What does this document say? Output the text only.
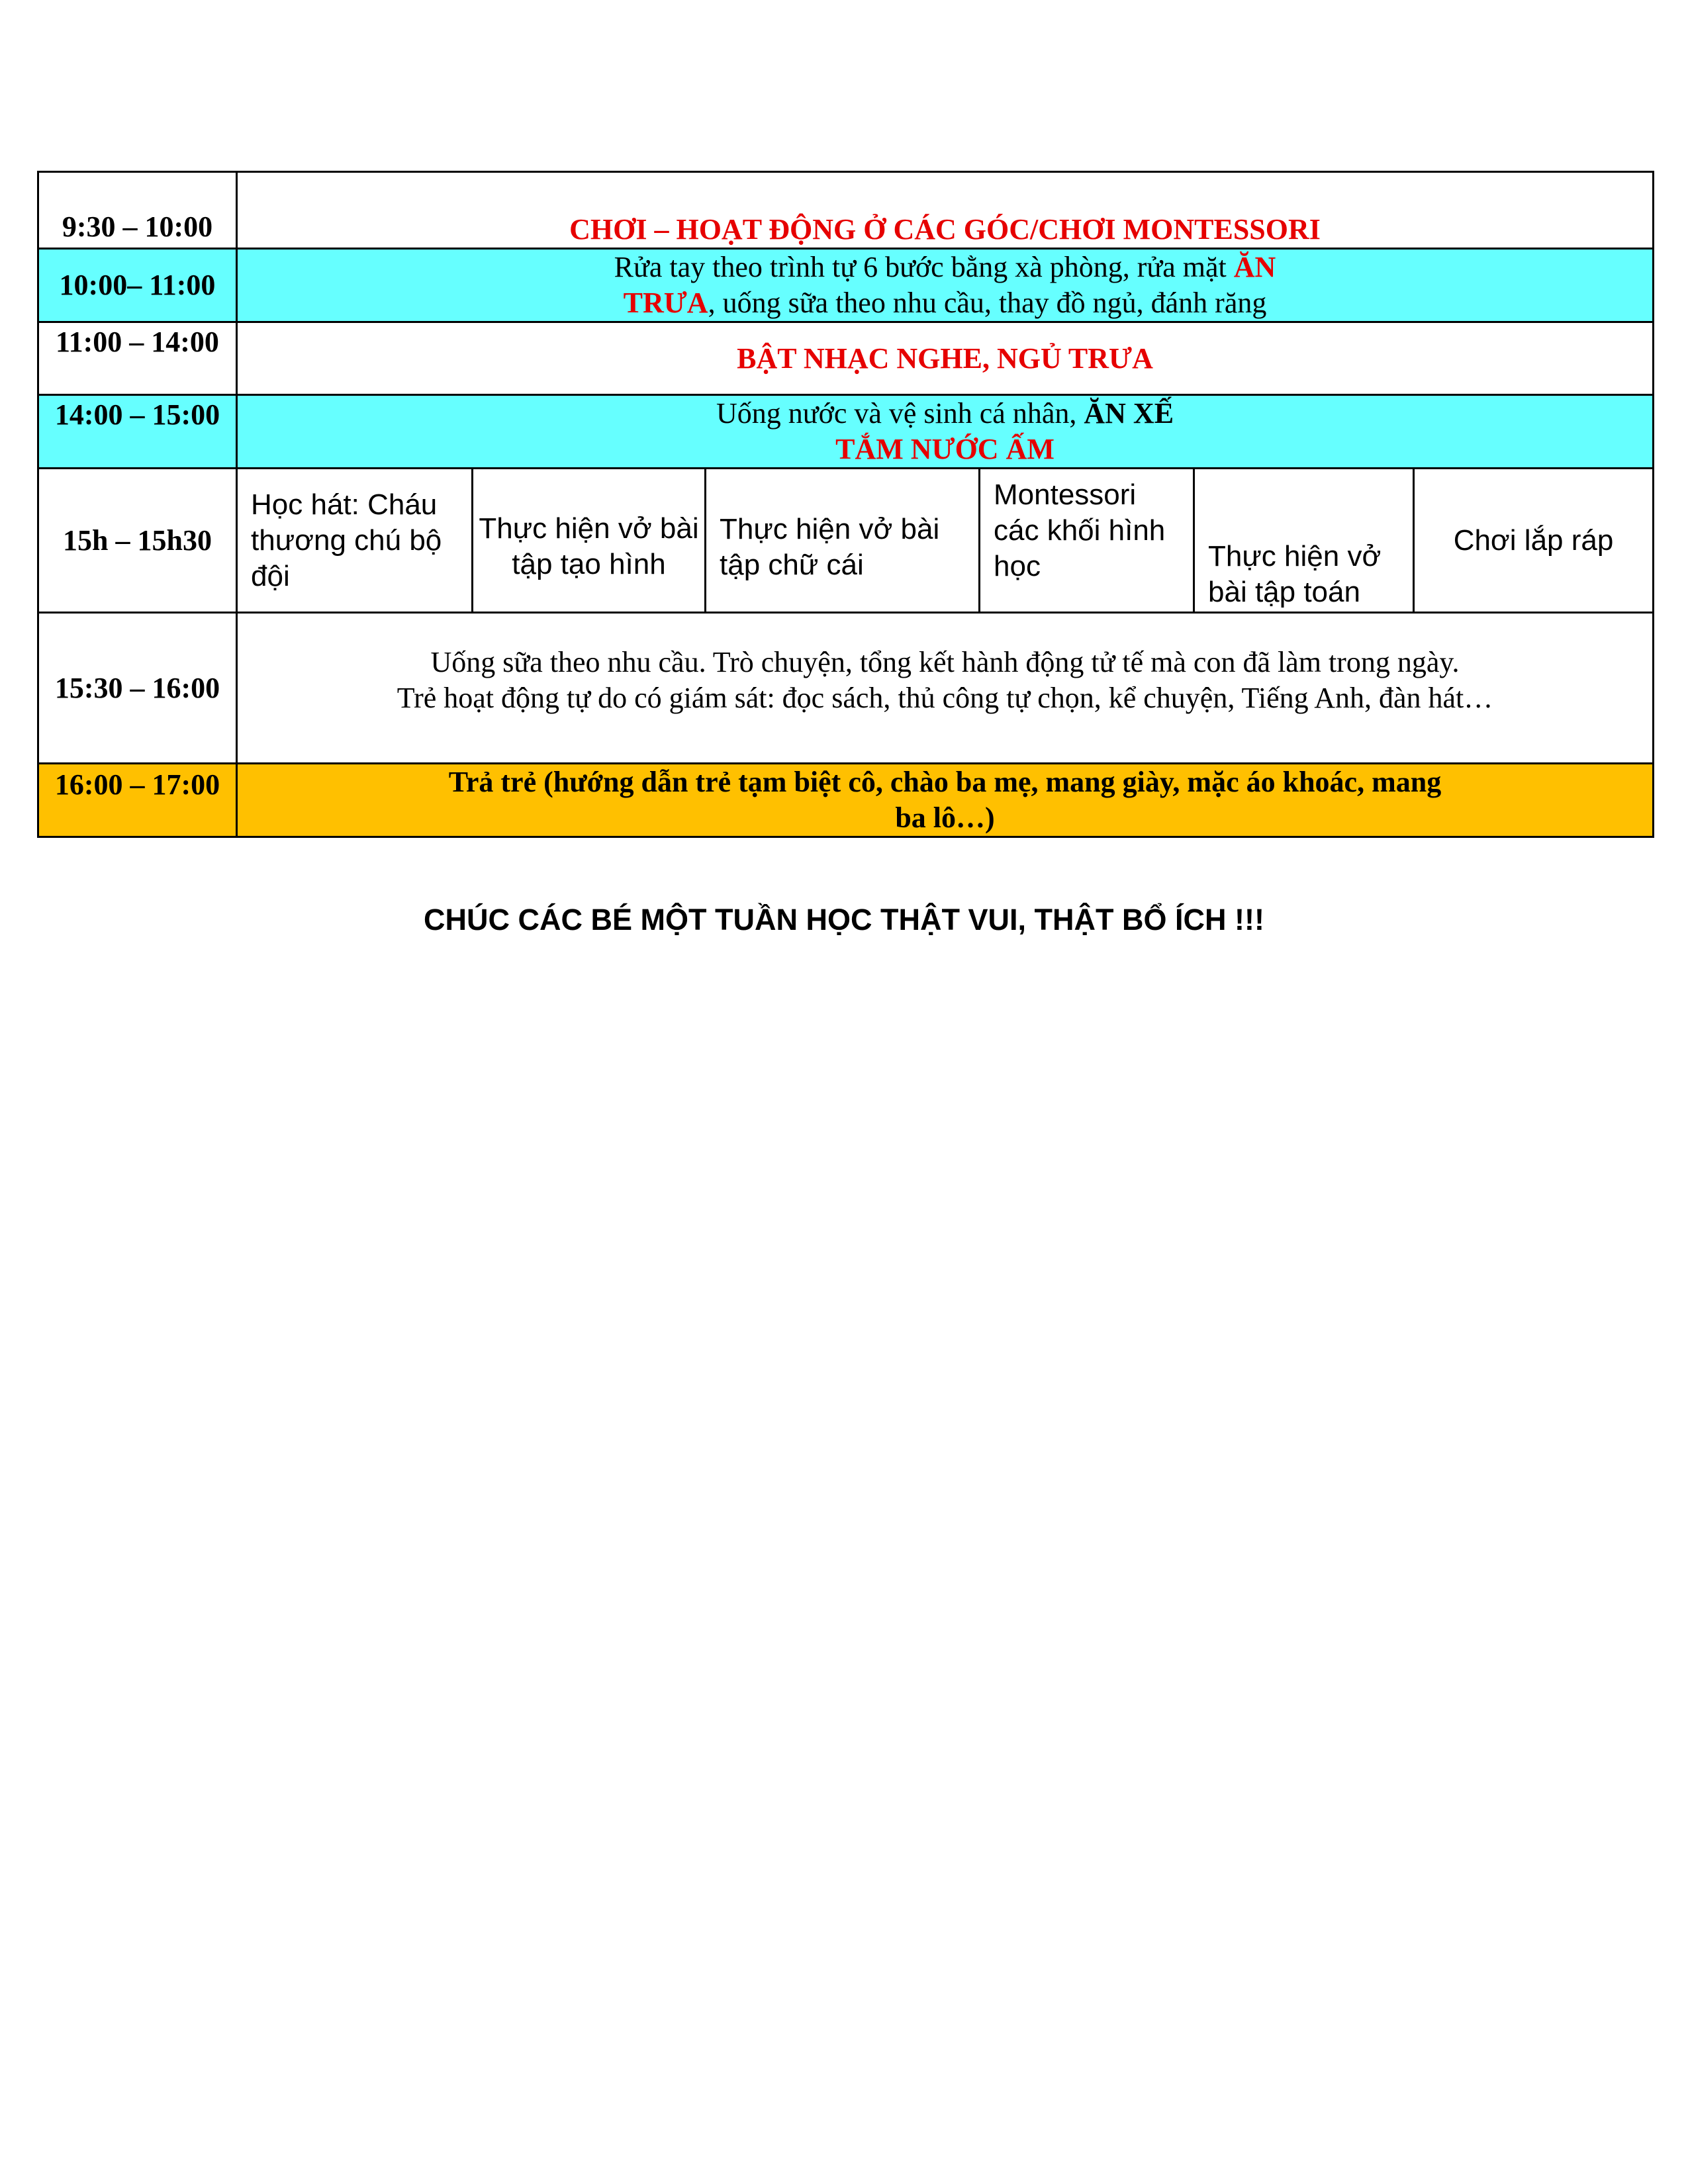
9:30 – 10:00	CHƠI – HOẠT ĐỘNG Ở CÁC GÓC/CHƠI MONTESSORI					
10:00– 11:00	Rửa tay theo trình tự 6 bước bằng xà phòng, rửa mặt ĂN
TRƯA, uống sữa theo nhu cầu, thay đồ ngủ, đánh răng					
11:00 – 14:00	BẬT NHẠC NGHE, NGỦ TRƯA					
14:00 – 15:00	Uống nước và vệ sinh cá nhân, ĂN XẾ
TẮM NƯỚC ẤM					
15h – 15h30	Học hát: Cháu thương chú bộ đội	Thực hiện vở bài tập tạo hình	Thực hiện vở bài tập chữ cái	Montessori các khối hình học	Thực hiện vở bài tập toán	Chơi lắp ráp
15:30 – 16:00	Uống sữa theo nhu cầu. Trò chuyện, tổng kết hành động tử tế mà con đã làm trong ngày.
Trẻ hoạt động tự do có giám sát: đọc sách, thủ công tự chọn, kể chuyện, Tiếng Anh, đàn hát…					
16:00 – 17:00	Trả trẻ (hướng dẫn trẻ tạm biệt cô, chào ba mẹ, mang giày, mặc áo khoác, mang
ba lô…)					
CHÚC CÁC BÉ MỘT TUẦN HỌC THẬT VUI, THẬT BỔ ÍCH !!!
